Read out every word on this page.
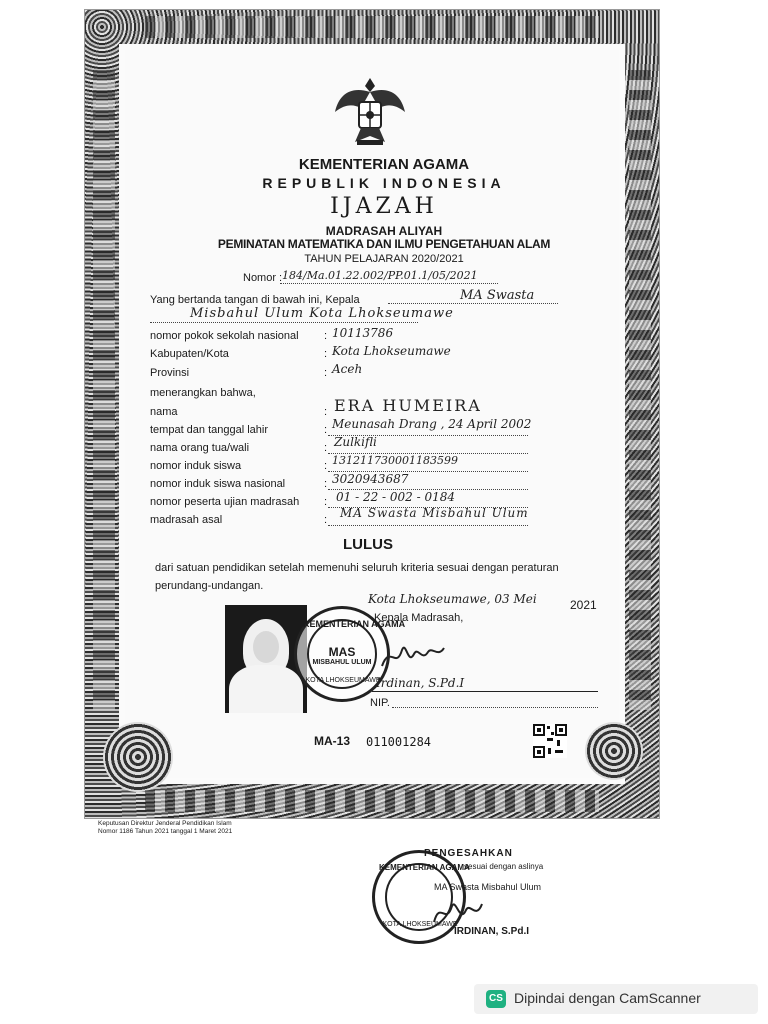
KEMENTERIAN AGAMA
REPUBLIK INDONESIA
IJAZAH
MADRASAH ALIYAH
PEMINATAN MATEMATIKA DAN ILMU PENGETAHUAN ALAM
TAHUN PELAJARAN 2020/2021
Nomor : 184/Ma.01.22.002/PP.01.1/05/2021
Yang bertanda tangan di bawah ini, Kepala	MA Swasta
Misbahul Ulum Kota Lhokseumawe
nomor pokok sekolah nasional : 10113786
Kabupaten/Kota	: Kota Lhokseumawe
Provinsi	: Aceh
menerangkan bahwa,
nama	: ERA HUMEIRA
tempat dan tanggal lahir	: Meunasah Drang , 24 April 2002
nama orang tua/wali	: Zulkifli
nomor induk siswa	: 131211730001183599
nomor induk siswa nasional	: 3020943687
nomor peserta ujian madrasah : 01 - 22 - 002 - 0184
madrasah asal	: MA Swasta Misbahul Ulum
LULUS
dari satuan pendidikan setelah memenuhi seluruh kriteria sesuai dengan peraturan
perundang-undangan.
KEMENTERIAN AGAMA
MAS
MISBAHUL ULUM
KOTA LHOKSEUMAWE
Kota Lhokseumawe, 03 Mei	2021
Kepala Madrasah,
Irdinan, S.Pd.I
NIP.
MA-13 011001284
Keputusan Direktur Jenderal Pendidikan Islam
Nomor 1186 Tahun 2021 tanggal 1 Maret 2021
KEMENTERIAN AGAMA
KOTA LHOKSEUMAWE
PENGESAHKAN
sesuai dengan aslinya
MA Swasta Misbahul Ulum
IRDINAN, S.Pd.I
CS Dipindai dengan CamScanner
